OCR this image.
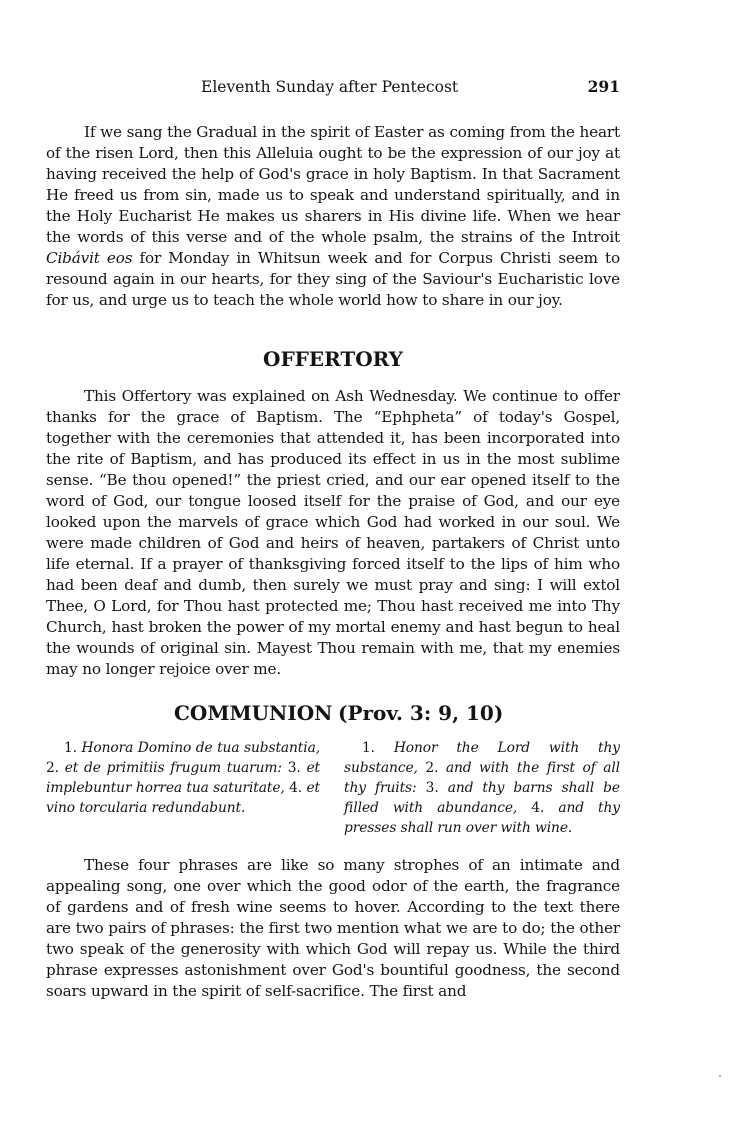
Eleventh Sunday after Pentecost	291

If we sang the Gradual in the spirit of Easter as coming from the heart of the risen Lord, then this Alleluia ought to be the expression of our joy at having received the help of God's grace in holy Baptism. In that Sacrament He freed us from sin, made us to speak and understand spiritually, and in the Holy Eucharist He makes us sharers in His divine life. When we hear the words of this verse and of the whole psalm, the strains of the Introit Cibávit eos for Monday in Whitsun week and for Corpus Christi seem to resound again in our hearts, for they sing of the Saviour's Eucharistic love for us, and urge us to teach the whole world how to share in our joy.

OFFERTORY

This Offertory was explained on Ash Wednesday. We continue to offer thanks for the grace of Baptism. The “Ephpheta” of today's Gospel, together with the ceremonies that attended it, has been incorporated into the rite of Baptism, and has produced its effect in us in the most sublime sense. “Be thou opened!” the priest cried, and our ear opened itself to the word of God, our tongue loosed itself for the praise of God, and our eye looked upon the marvels of grace which God had worked in our soul. We were made children of God and heirs of heaven, partakers of Christ unto life eternal. If a prayer of thanksgiving forced itself to the lips of him who had been deaf and dumb, then surely we must pray and sing: I will extol Thee, O Lord, for Thou hast protected me; Thou hast received me into Thy Church, hast broken the power of my mortal enemy and hast begun to heal the wounds of original sin. Mayest Thou remain with me, that my enemies may no longer rejoice over me.

COMMUNION (Prov. 3: 9, 10)

1. Honora Domino de tua substantia, 2. et de primitiis frugum tuarum: 3. et implebuntur horrea tua saturitate, 4. et vino torcularia redundabunt.

1. Honor the Lord with thy substance, 2. and with the first of all thy fruits: 3. and thy barns shall be filled with abundance, 4. and thy presses shall run over with wine.

These four phrases are like so many strophes of an intimate and appealing song, one over which the good odor of the earth, the fragrance of gardens and of fresh wine seems to hover. According to the text there are two pairs of phrases: the first two mention what we are to do; the other two speak of the generosity with which God will repay us. While the third phrase expresses astonishment over God's bountiful goodness, the second soars upward in the spirit of self-sacrifice. The first and
